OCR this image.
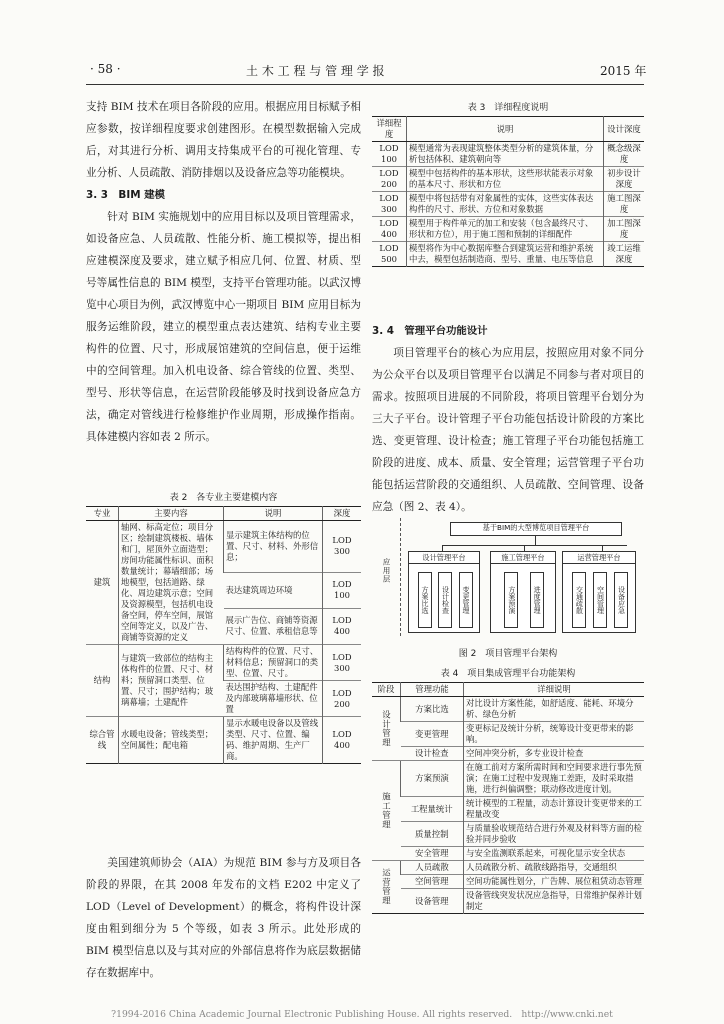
· 58 ·	土 木 工 程 与 管 理 学 报	2015 年

支持 BIM 技术在项目各阶段的应用。根据应用目标赋予相应参数，按详细程度要求创建图形。在模型数据输入完成后，对其进行分析、调用支持集成平台的可视化管理、专业分析、人员疏散、消防排烟以及设备应急等功能模块。

3. 3　BIM 建模

针对 BIM 实施规划中的应用目标以及项目管理需求，如设备应急、人员疏散、性能分析、施工模拟等，提出相应建模深度及要求，建立赋予相应几何、位置、材质、型号等属性信息的 BIM 模型，支持平台管理功能。以武汉博览中心项目为例，武汉博览中心一期项目 BIM 应用目标为服务运维阶段，建立的模型重点表达建筑、结构专业主要构件的位置、尺寸，形成展馆建筑的空间信息，便于运维中的空间管理。加入机电设备、综合管线的位置、类型、型号、形状等信息，在运营阶段能够及时找到设备应急方法，确定对管线进行检修维护作业周期，形成操作指南。具体建模内容如表 2 所示。

表 2　各专业主要建模内容
专业	主要内容	说明	深度
建筑	轴网、标高定位；项目分区；绘制建筑楼板、墙体和门，屋顶外立面造型；房间功能属性标识、面积数量统计；幕墙细部；场地模型，包括道路、绿化、周边建筑示意；空间及资源模型，包括机电设备空间，停车空间，展馆空间等定义，以及广告、商铺等资源的定义	显示建筑主体结构的位置、尺寸、材料、外形信息；	LOD 300
		表达建筑周边环境	LOD 100
		展示广告位、商铺等资源尺寸、位置、承租信息等	LOD 400
结构	与建筑一致部位的结构主体构件的位置、尺寸、材料；预留洞口类型、位置、尺寸；围护结构；玻璃幕墙；土建配件	结构构件的位置、尺寸、材料信息；预留洞口的类型、位置、尺寸。	LOD 300
		表达围护结构、土建配件及内部玻璃幕墙形状、位置	LOD 200
综合管线	水暖电设备；管线类型；空间属性；配电箱	显示水暖电设备以及管线类型、尺寸、位置、编码、维护周期、生产厂商。	LOD 400

美国建筑师协会（AIA）为规范 BIM 参与方及项目各阶段的界限，在其 2008 年发布的文档 E202 中定义了 LOD（Level of Development）的概念，将构件设计深度由粗到细分为 5 个等级，如表 3 所示。此处形成的 BIM 模型信息以及与其对应的外部信息将作为底层数据储存在数据库中。

表 3　详细程度说明
详细程度	说明	设计深度
LOD 100	模型通常为表现建筑整体类型分析的建筑体量，分析包括体积、建筑朝向等	概念级深度
LOD 200	模型中包括构件的基本形状，这些形状能表示对象的基本尺寸、形状和方位	初步设计深度
LOD 300	模型中将包括带有对象属性的实体，这些实体表达构件的尺寸、形状、方位和对象数据	施工图深度
LOD 400	模型用于构件单元的加工和安装（包含最终尺寸、形状和方位），用于施工图和预制的详细配件	加工图深度
LOD 500	模型将作为中心数据库整合到建筑运营和维护系统中去，模型包括制造商、型号、重量、电压等信息	竣工运维深度

3. 4　管理平台功能设计

项目管理平台的核心为应用层，按照应用对象不同分为公众平台以及项目管理平台以满足不同参与者对项目的需求。按照项目进展的不同阶段，将项目管理平台划分为三大子平台。设计管理子平台功能包括设计阶段的方案比选、变更管理、设计检查；施工管理子平台功能包括施工阶段的进度、成本、质量、安全管理；运营管理子平台功能包括运营阶段的交通组织、人员疏散、空间管理、设备应急（图 2、表 4）。

应用层
基于BIM的大型博览项目管理平台
设计管理平台
方案比选	设计检查	变更管理
施工管理平台
方案预演	进度管理
运营管理平台
交通疏散	空间管理	设备应急
图 2　项目管理平台架构
表 4　项目集成管理平台功能架构
阶段	管理功能	详细说明
设计管理	方案比选	对比设计方案性能，如舒适度、能耗、环境分析、绿色分析
	变更管理	变更标记及统计分析，统筹设计变更带来的影响。
	设计检查	空间冲突分析，多专业设计检查
施工管理	方案预演	在施工前对方案所需时间和空间要求进行事先预演；在施工过程中发现施工差距，及时采取措施，进行纠偏调整；联动修改进度计划。
	工程量统计	统计模型的工程量，动态计算设计变更带来的工程量改变
	质量控制	与质量验收规范结合进行外观及材料等方面的检验并同步验收
	安全管理	与安全监测联系起来，可视化显示安全状态
运营管理	人员疏散	人员疏散分析、疏散线路指导，交通组织
	空间管理	空间功能属性划分，广告牌、展位租赁动态管理
	设备管理	设备管线突发状况应急指导，日常维护保养计划制定
?1994-2016 China Academic Journal Electronic Publishing House. All rights reserved.　http://www.cnki.net
